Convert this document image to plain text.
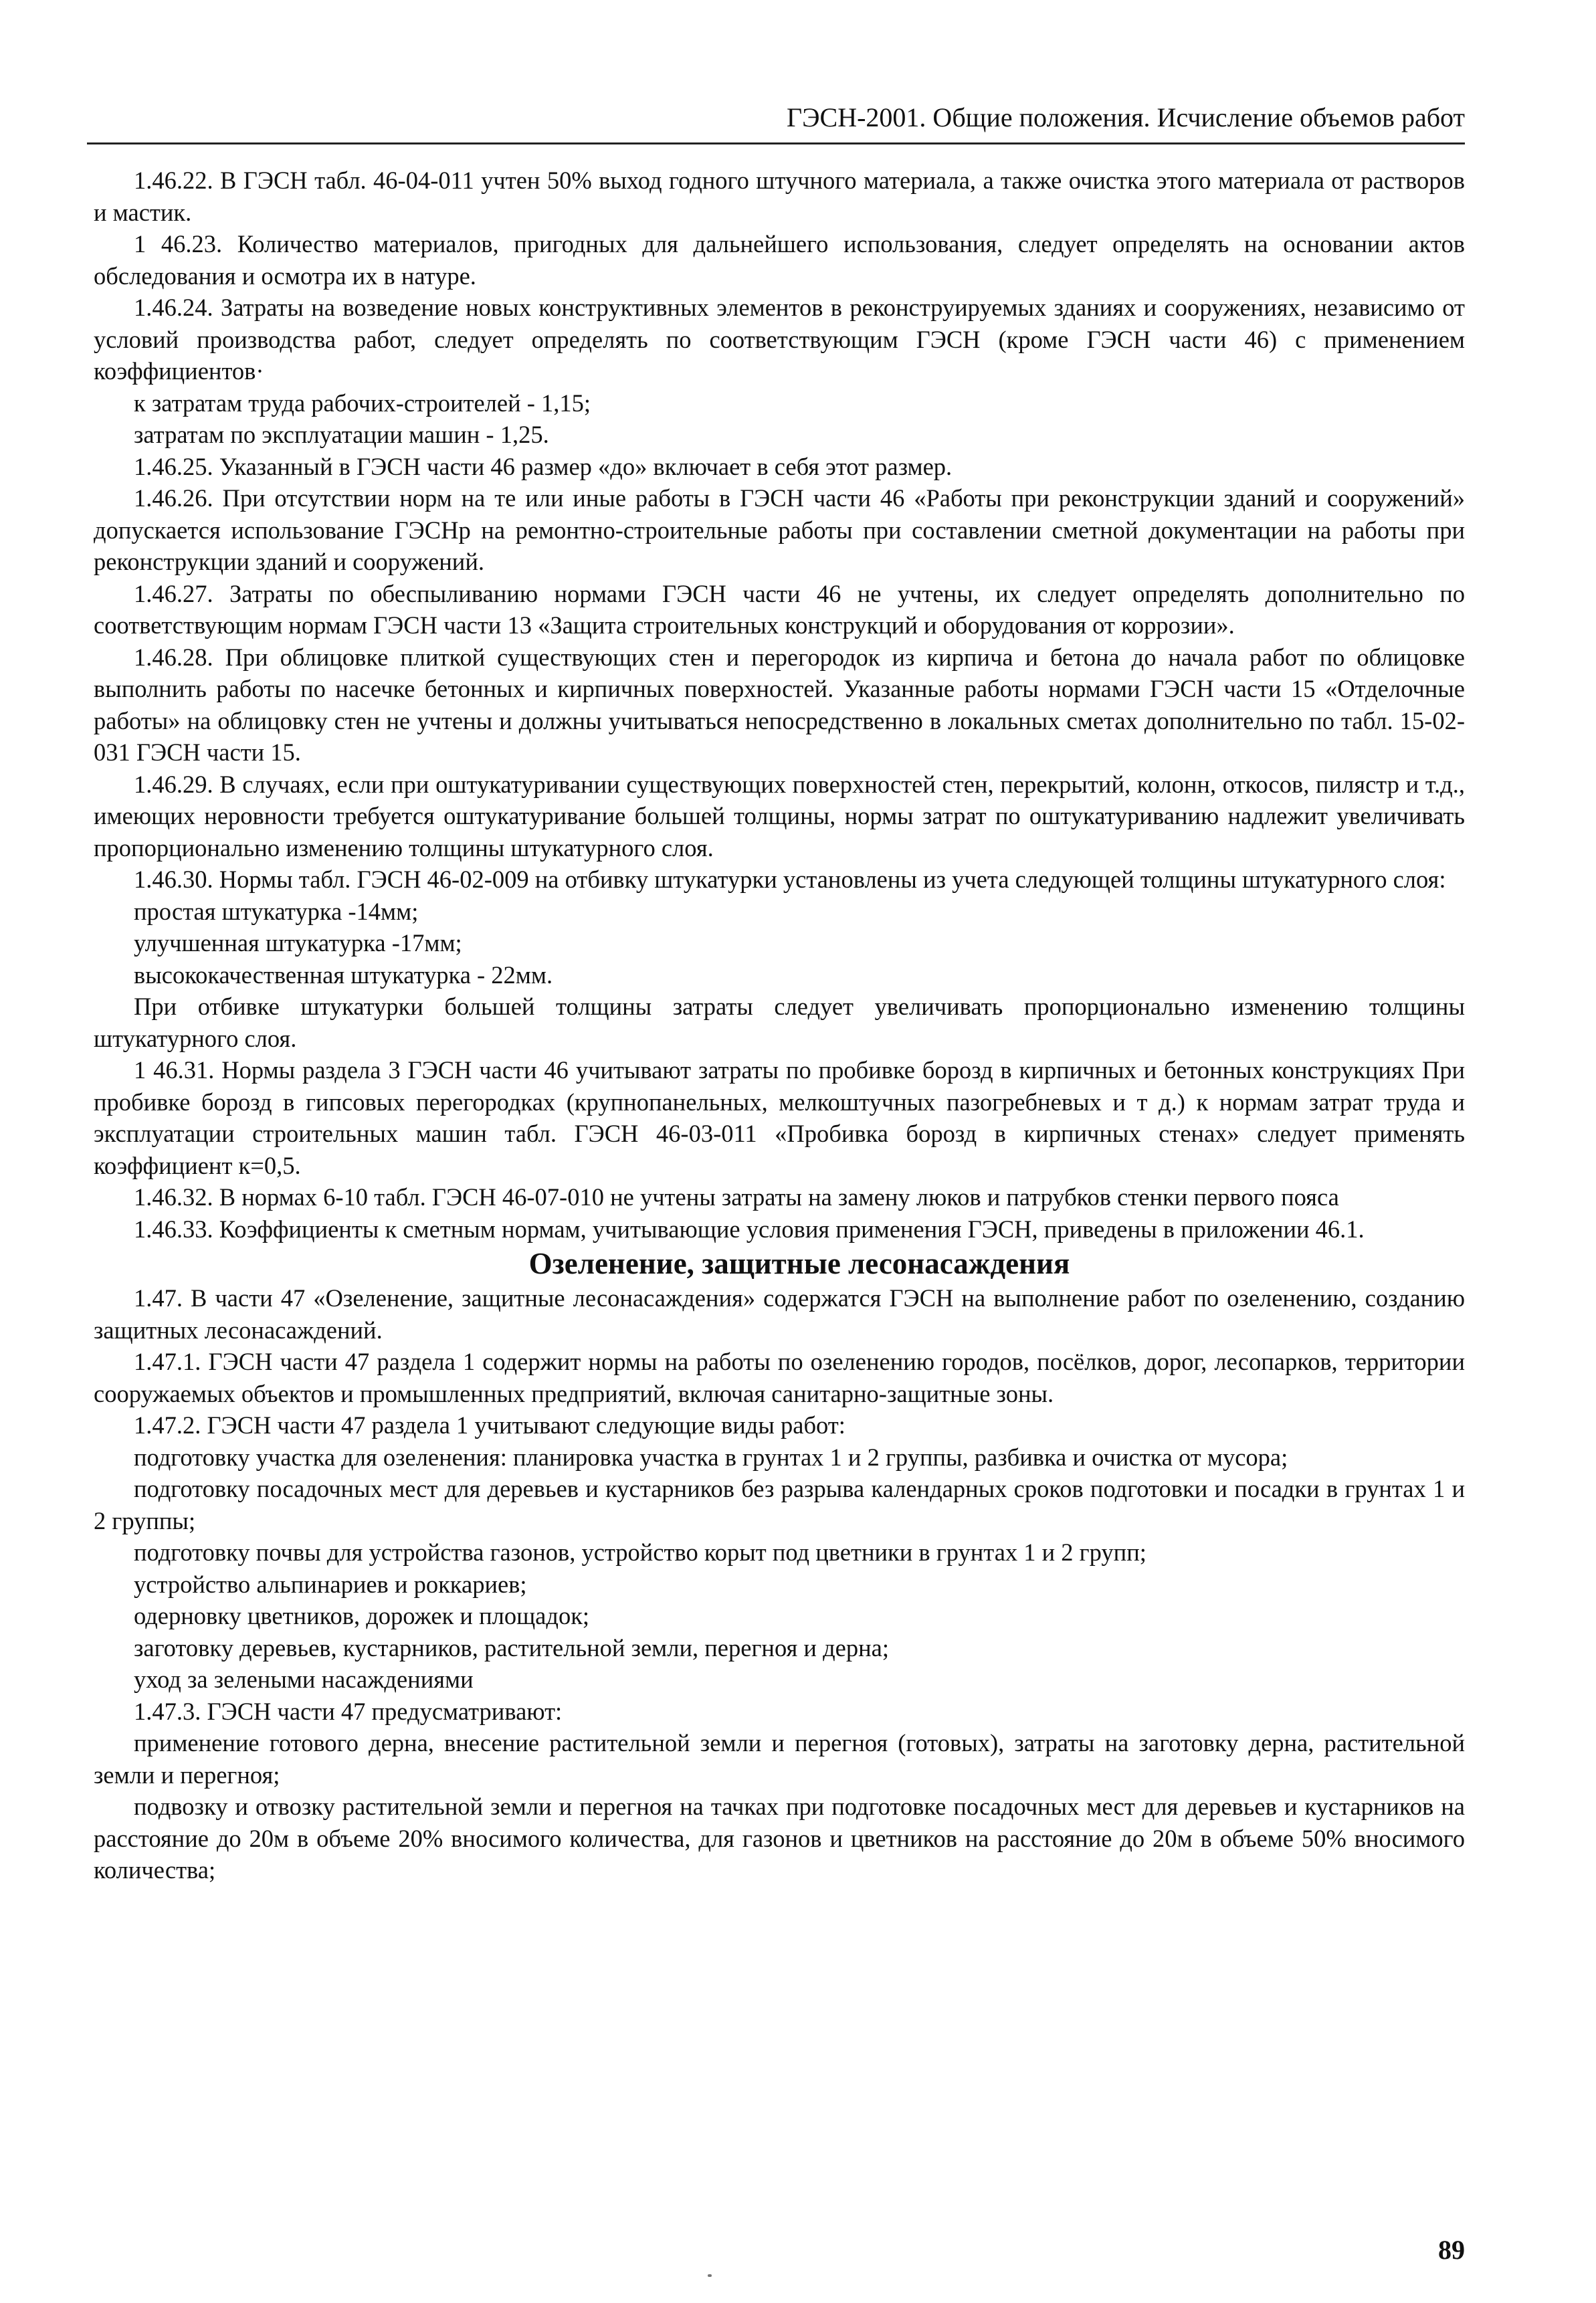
ГЭСН-2001. Общие положения. Исчисление объемов работ

1.46.22. В ГЭСН табл. 46-04-011 учтен 50% выход годного штучного материала, а также очистка этого материала от растворов и мастик.

1 46.23. Количество материалов, пригодных для дальнейшего использования, следует определять на основании актов обследования и осмотра их в натуре.

1.46.24. Затраты на возведение новых конструктивных элементов в реконструируемых зданиях и сооружениях, независимо от условий производства работ, следует определять по соответствующим ГЭСН (кроме ГЭСН части 46) с применением коэффициентов·

к затратам труда рабочих-строителей - 1,15;

затратам по эксплуатации машин - 1,25.

1.46.25. Указанный в ГЭСН части 46 размер «до» включает в себя этот размер.

1.46.26. При отсутствии норм на те или иные работы в ГЭСН части 46 «Работы при реконструкции зданий и сооружений» допускается использование ГЭСНр на ремонтно-строительные работы при составлении сметной документации на работы при реконструкции зданий и сооружений.

1.46.27. Затраты по обеспыливанию нормами ГЭСН части 46 не учтены, их следует определять дополнительно по соответствующим нормам ГЭСН части 13 «Защита строительных конструкций и оборудования от коррозии».

1.46.28. При облицовке плиткой существующих стен и перегородок из кирпича и бетона до начала работ по облицовке выполнить работы по насечке бетонных и кирпичных поверхностей. Указанные работы нормами ГЭСН части 15 «Отделочные работы» на облицовку стен не учтены и должны учитываться непосредственно в локальных сметах дополнительно по табл. 15-02-031 ГЭСН части 15.

1.46.29. В случаях, если при оштукатуривании существующих поверхностей стен, перекрытий, колонн, откосов, пилястр и т.д., имеющих неровности требуется оштукатуривание большей толщины, нормы затрат по оштукатуриванию надлежит увеличивать пропорционально изменению толщины штукатурного слоя.

1.46.30. Нормы табл. ГЭСН 46-02-009 на отбивку штукатурки установлены из учета следующей толщины штукатурного слоя:

простая штукатурка -14мм;

улучшенная штукатурка -17мм;

высококачественная штукатурка - 22мм.

При отбивке штукатурки большей толщины затраты следует увеличивать пропорционально изменению толщины штукатурного слоя.

1 46.31. Нормы раздела 3 ГЭСН части 46 учитывают затраты по пробивке борозд в кирпичных и бетонных конструкциях При пробивке борозд в гипсовых перегородках (крупнопанельных, мелкоштучных пазогребневых и т д.) к нормам затрат труда и эксплуатации строительных машин табл. ГЭСН 46-03-011 «Пробивка борозд в кирпичных стенах» следует применять коэффициент к=0,5.

1.46.32. В нормах 6-10 табл. ГЭСН 46-07-010 не учтены затраты на замену люков и патрубков стенки первого пояса

1.46.33. Коэффициенты к сметным нормам, учитывающие условия применения ГЭСН, приведены в приложении 46.1.

Озеленение, защитные лесонасаждения

1.47. В части 47 «Озеленение, защитные лесонасаждения» содержатся ГЭСН на выполнение работ по озеленению, созданию защитных лесонасаждений.

1.47.1. ГЭСН части 47 раздела 1 содержит нормы на работы по озеленению городов, посёлков, дорог, лесопарков, территории сооружаемых объектов и промышленных предприятий, включая санитарно-защитные зоны.

1.47.2. ГЭСН части 47 раздела 1 учитывают следующие виды работ:

подготовку участка для озеленения: планировка участка в грунтах 1 и 2 группы, разбивка и очистка от мусора;

подготовку посадочных мест для деревьев и кустарников без разрыва календарных сроков подготовки и посадки в грунтах 1 и 2 группы;

подготовку почвы для устройства газонов, устройство корыт под цветники в грунтах 1 и 2 групп;

устройство альпинариев и роккариев;

одерновку цветников, дорожек и площадок;

заготовку деревьев, кустарников, растительной земли, перегноя и дерна;

уход за зелеными насаждениями

1.47.3. ГЭСН части 47 предусматривают:

применение готового дерна, внесение растительной земли и перегноя (готовых), затраты на заготовку дерна, растительной земли и перегноя;

подвозку и отвозку растительной земли и перегноя на тачках при подготовке посадочных мест для деревьев и кустарников на расстояние до 20м в объеме 20% вносимого количества, для газонов и цветников на расстояние до 20м в объеме 50% вносимого количества;

89
